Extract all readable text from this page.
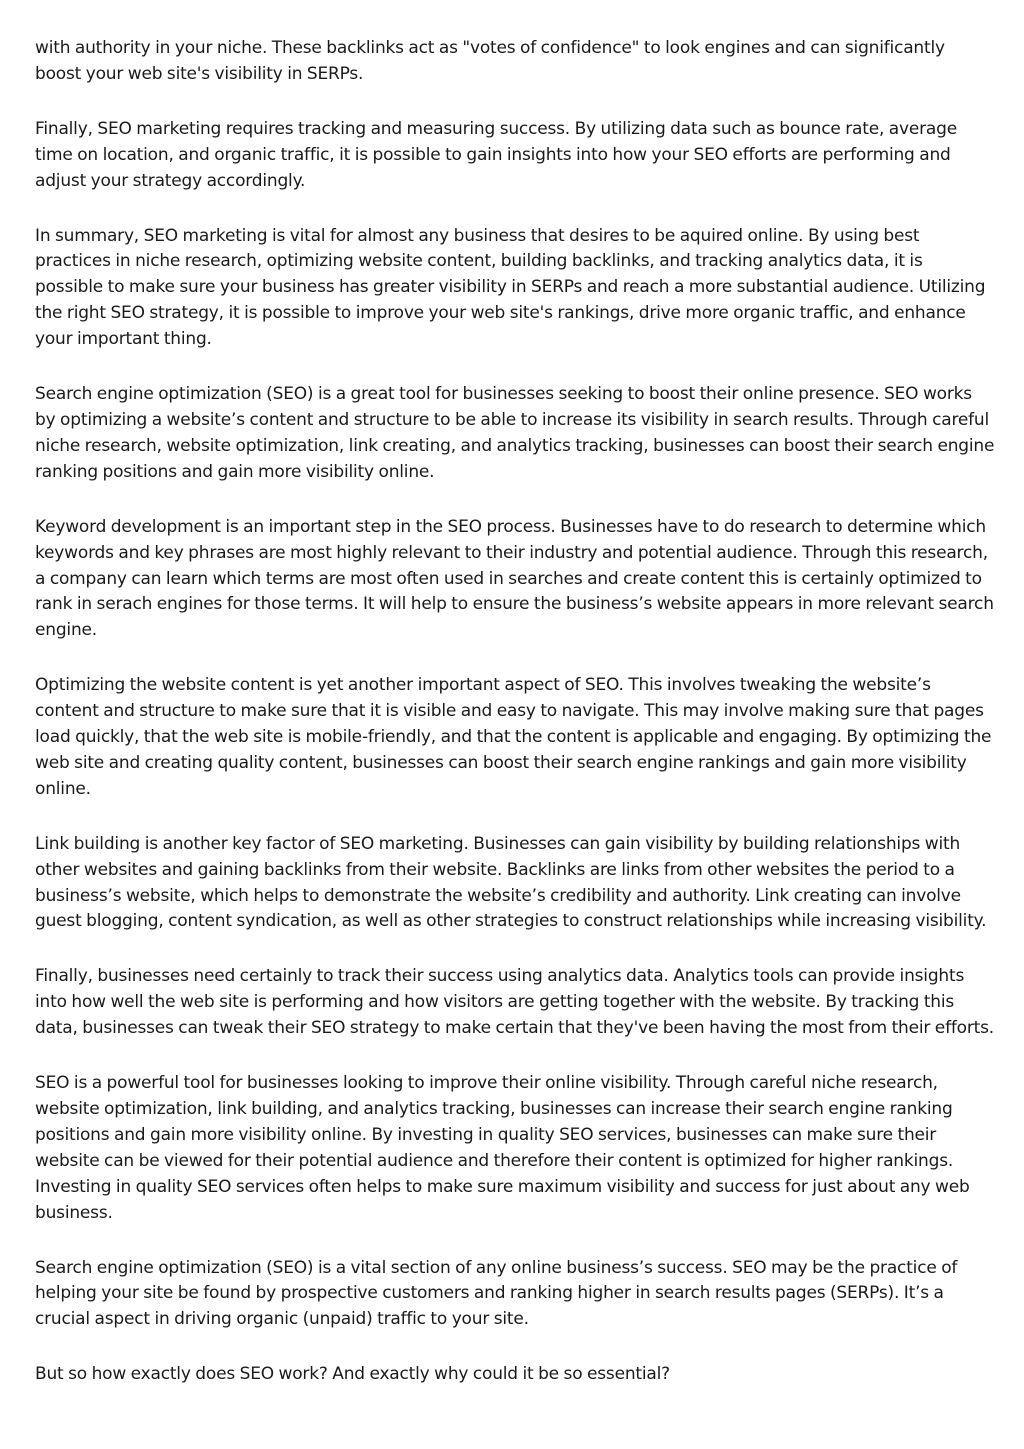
with authority in your niche. These backlinks act as "votes of confidence" to look engines and can significantly boost your web site's visibility in SERPs.

Finally, SEO marketing requires tracking and measuring success. By utilizing data such as bounce rate, average time on location, and organic traffic, it is possible to gain insights into how your SEO efforts are performing and adjust your strategy accordingly.

In summary, SEO marketing is vital for almost any business that desires to be aquired online. By using best practices in niche research, optimizing website content, building backlinks, and tracking analytics data, it is possible to make sure your business has greater visibility in SERPs and reach a more substantial audience. Utilizing the right SEO strategy, it is possible to improve your web site's rankings, drive more organic traffic, and enhance your important thing.

Search engine optimization (SEO) is a great tool for businesses seeking to boost their online presence. SEO works by optimizing a website’s content and structure to be able to increase its visibility in search results. Through careful niche research, website optimization, link creating, and analytics tracking, businesses can boost their search engine ranking positions and gain more visibility online.

Keyword development is an important step in the SEO process. Businesses have to do research to determine which keywords and key phrases are most highly relevant to their industry and potential audience. Through this research, a company can learn which terms are most often used in searches and create content this is certainly optimized to rank in serach engines for those terms. It will help to ensure the business’s website appears in more relevant search engine.

Optimizing the website content is yet another important aspect of SEO. This involves tweaking the website’s content and structure to make sure that it is visible and easy to navigate. This may involve making sure that pages load quickly, that the web site is mobile-friendly, and that the content is applicable and engaging. By optimizing the web site and creating quality content, businesses can boost their search engine rankings and gain more visibility online.

Link building is another key factor of SEO marketing. Businesses can gain visibility by building relationships with other websites and gaining backlinks from their website. Backlinks are links from other websites the period to a business’s website, which helps to demonstrate the website’s credibility and authority. Link creating can involve guest blogging, content syndication, as well as other strategies to construct relationships while increasing visibility.

Finally, businesses need certainly to track their success using analytics data. Analytics tools can provide insights into how well the web site is performing and how visitors are getting together with the website. By tracking this data, businesses can tweak their SEO strategy to make certain that they've been having the most from their efforts.

SEO is a powerful tool for businesses looking to improve their online visibility. Through careful niche research, website optimization, link building, and analytics tracking, businesses can increase their search engine ranking positions and gain more visibility online. By investing in quality SEO services, businesses can make sure their website can be viewed for their potential audience and therefore their content is optimized for higher rankings. Investing in quality SEO services often helps to make sure maximum visibility and success for just about any web business.

Search engine optimization (SEO) is a vital section of any online business’s success. SEO may be the practice of helping your site be found by prospective customers and ranking higher in search results pages (SERPs). It’s a crucial aspect in driving organic (unpaid) traffic to your site.

But so how exactly does SEO work? And exactly why could it be so essential?
